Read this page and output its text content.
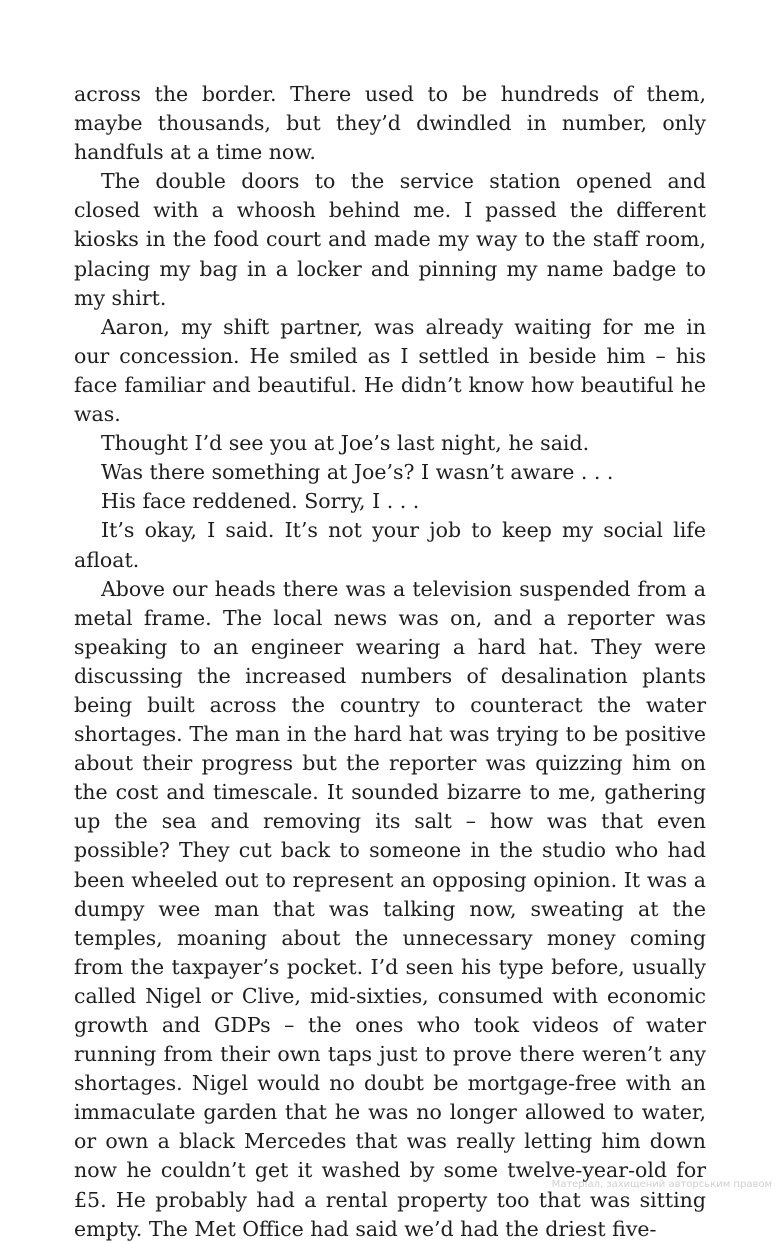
across the border. There used to be hundreds of them, maybe thousands, but they’d dwindled in number, only handfuls at a time now.

The double doors to the service station opened and closed with a whoosh behind me. I passed the different kiosks in the food court and made my way to the staff room, placing my bag in a locker and pinning my name badge to my shirt.

Aaron, my shift partner, was already waiting for me in our concession. He smiled as I settled in beside him – his face familiar and beautiful. He didn’t know how beautiful he was.

Thought I’d see you at Joe’s last night, he said.

Was there something at Joe’s? I wasn’t aware . . .

His face reddened. Sorry, I . . .

It’s okay, I said. It’s not your job to keep my social life afloat.

Above our heads there was a television suspended from a metal frame. The local news was on, and a reporter was speaking to an engineer wearing a hard hat. They were discussing the increased numbers of desalination plants being built across the country to counteract the water shortages. The man in the hard hat was trying to be positive about their progress but the reporter was quizzing him on the cost and timescale. It sounded bizarre to me, gathering up the sea and removing its salt – how was that even possible? They cut back to someone in the studio who had been wheeled out to represent an opposing opinion. It was a dumpy wee man that was talking now, sweating at the temples, moaning about the unnecessary money coming from the taxpayer’s pocket. I’d seen his type before, usually called Nigel or Clive, mid-sixties, consumed with economic growth and GDPs – the ones who took videos of water running from their own taps just to prove there weren’t any shortages. Nigel would no doubt be mortgage-free with an immaculate garden that he was no longer allowed to water, or own a black Mercedes that was really letting him down now he couldn’t get it washed by some twelve-year-old for £5. He probably had a rental property too that was sitting empty. The Met Office had said we’d had the driest five-

Матеріал, захищений авторським правом
